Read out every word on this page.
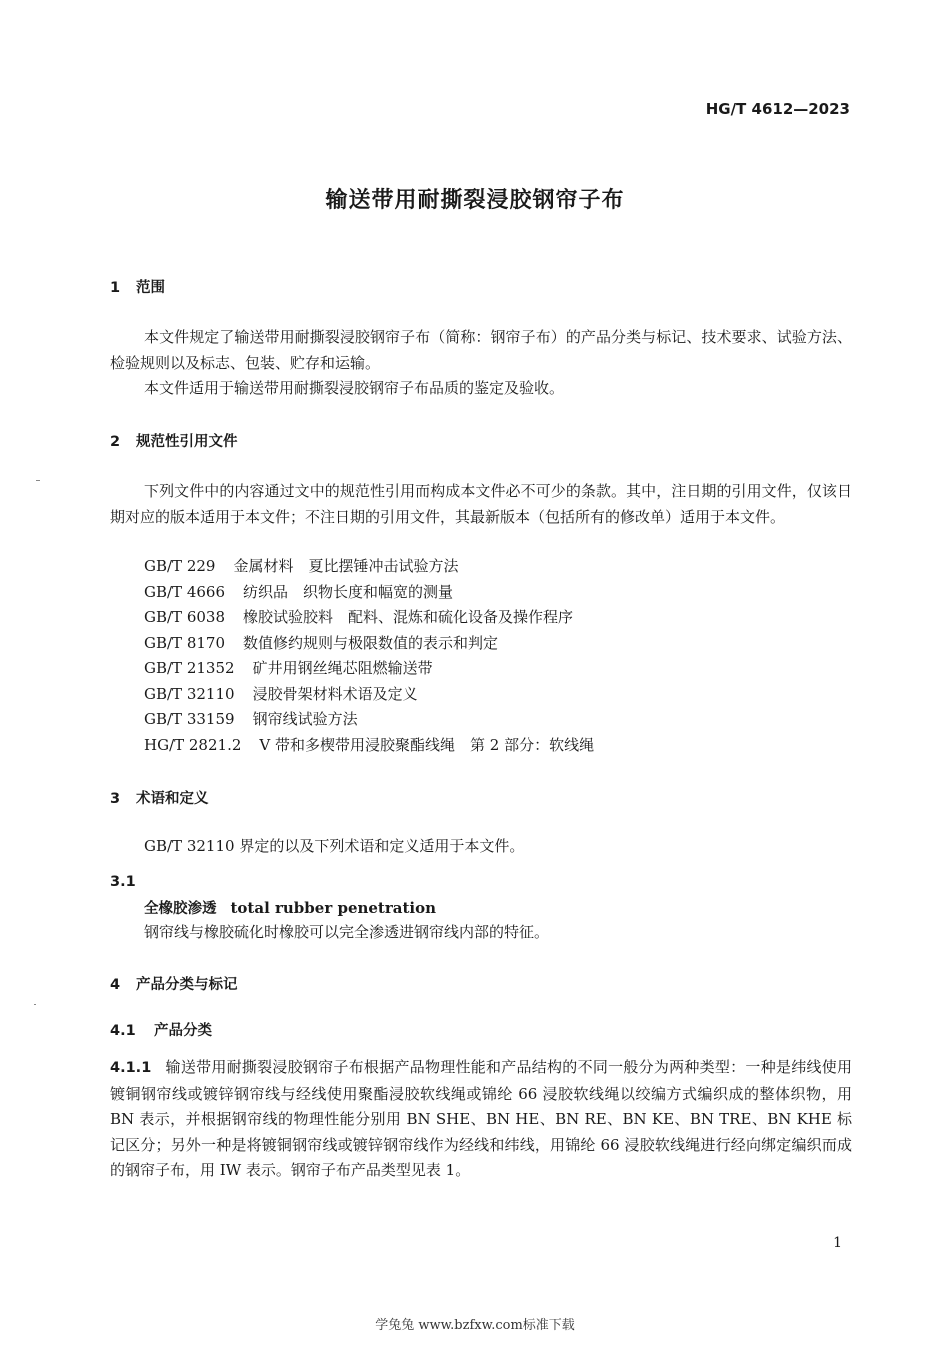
HG/T 4612—2023
输送带用耐撕裂浸胶钢帘子布
1 范围
本文件规定了输送带用耐撕裂浸胶钢帘子布（简称：钢帘子布）的产品分类与标记、技术要求、试验方法、检验规则以及标志、包装、贮存和运输。
本文件适用于输送带用耐撕裂浸胶钢帘子布品质的鉴定及验收。
2 规范性引用文件
下列文件中的内容通过文中的规范性引用而构成本文件必不可少的条款。其中，注日期的引用文件，仅该日期对应的版本适用于本文件；不注日期的引用文件，其最新版本（包括所有的修改单）适用于本文件。
GB/T 229 金属材料　夏比摆锤冲击试验方法
GB/T 4666 纺织品　织物长度和幅宽的测量
GB/T 6038 橡胶试验胶料　配料、混炼和硫化设备及操作程序
GB/T 8170 数值修约规则与极限数值的表示和判定
GB/T 21352 矿井用钢丝绳芯阻燃输送带
GB/T 32110 浸胶骨架材料术语及定义
GB/T 33159 钢帘线试验方法
HG/T 2821.2 V 带和多楔带用浸胶聚酯线绳　第 2 部分：软线绳
3 术语和定义
GB/T 32110 界定的以及下列术语和定义适用于本文件。
3.1
全橡胶渗透 total rubber penetration
钢帘线与橡胶硫化时橡胶可以完全渗透进钢帘线内部的特征。
4 产品分类与标记
4.1 产品分类
4.1.1 输送带用耐撕裂浸胶钢帘子布根据产品物理性能和产品结构的不同一般分为两种类型：一种是纬线使用镀铜钢帘线或镀锌钢帘线与经线使用聚酯浸胶软线绳或锦纶 66 浸胶软线绳以绞编方式编织成的整体织物，用 BN 表示，并根据钢帘线的物理性能分别用 BN SHE、BN HE、BN RE、BN KE、BN TRE、BN KHE 标记区分；另外一种是将镀铜钢帘线或镀锌钢帘线作为经线和纬线，用锦纶 66 浸胶软线绳进行经向绑定编织而成的钢帘子布，用 IW 表示。钢帘子布产品类型见表 1。
1
学兔兔 www.bzfxw.com标准下载
